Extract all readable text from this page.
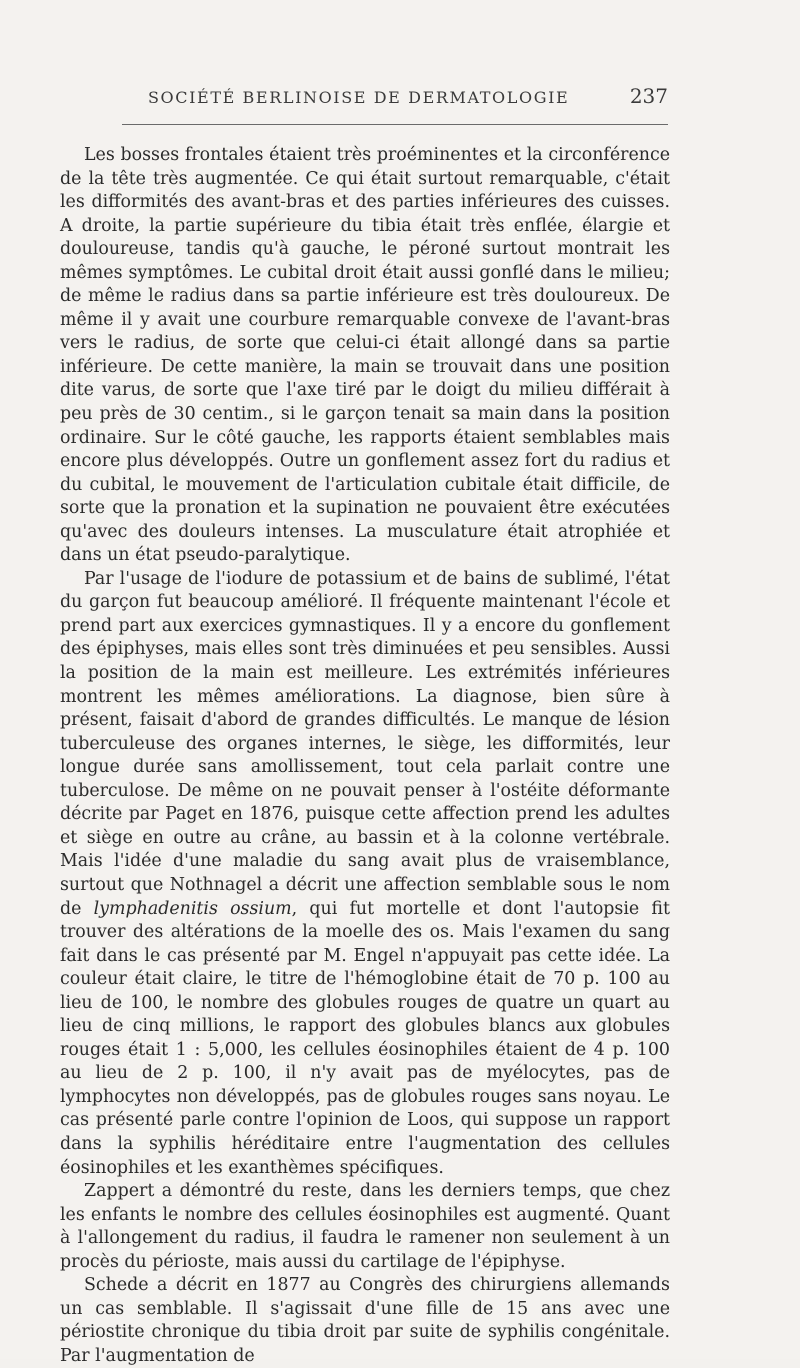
SOCIÉTÉ BERLINOISE DE DERMATOLOGIE	237

Les bosses frontales étaient très proéminentes et la circonférence de la tête très augmentée. Ce qui était surtout remarquable, c'était les difformités des avant-bras et des parties inférieures des cuisses. A droite, la partie supérieure du tibia était très enflée, élargie et douloureuse, tandis qu'à gauche, le péroné surtout montrait les mêmes symptômes. Le cubital droit était aussi gonflé dans le milieu; de même le radius dans sa partie inférieure est très douloureux. De même il y avait une courbure remarquable convexe de l'avant-bras vers le radius, de sorte que celui-ci était allongé dans sa partie inférieure. De cette manière, la main se trouvait dans une position dite varus, de sorte que l'axe tiré par le doigt du milieu différait à peu près de 30 centim., si le garçon tenait sa main dans la position ordinaire. Sur le côté gauche, les rapports étaient semblables mais encore plus développés. Outre un gonflement assez fort du radius et du cubital, le mouvement de l'articulation cubitale était difficile, de sorte que la pronation et la supination ne pouvaient être exécutées qu'avec des douleurs intenses. La musculature était atrophiée et dans un état pseudo-paralytique.

Par l'usage de l'iodure de potassium et de bains de sublimé, l'état du garçon fut beaucoup amélioré. Il fréquente maintenant l'école et prend part aux exercices gymnastiques. Il y a encore du gonflement des épiphyses, mais elles sont très diminuées et peu sensibles. Aussi la position de la main est meilleure. Les extrémités inférieures montrent les mêmes améliorations. La diagnose, bien sûre à présent, faisait d'abord de grandes difficultés. Le manque de lésion tuberculeuse des organes internes, le siège, les difformités, leur longue durée sans amollissement, tout cela parlait contre une tuberculose. De même on ne pouvait penser à l'ostéite déformante décrite par Paget en 1876, puisque cette affection prend les adultes et siège en outre au crâne, au bassin et à la colonne vertébrale. Mais l'idée d'une maladie du sang avait plus de vraisemblance, surtout que Nothnagel a décrit une affection semblable sous le nom de lymphadenitis ossium, qui fut mortelle et dont l'autopsie fit trouver des altérations de la moelle des os. Mais l'examen du sang fait dans le cas présenté par M. Engel n'appuyait pas cette idée. La couleur était claire, le titre de l'hémoglobine était de 70 p. 100 au lieu de 100, le nombre des globules rouges de quatre un quart au lieu de cinq millions, le rapport des globules blancs aux globules rouges était 1 : 5,000, les cellules éosinophiles étaient de 4 p. 100 au lieu de 2 p. 100, il n'y avait pas de myélocytes, pas de lymphocytes non développés, pas de globules rouges sans noyau. Le cas présenté parle contre l'opinion de Loos, qui suppose un rapport dans la syphilis héréditaire entre l'augmentation des cellules éosinophiles et les exanthèmes spécifiques.

Zappert a démontré du reste, dans les derniers temps, que chez les enfants le nombre des cellules éosinophiles est augmenté. Quant à l'allongement du radius, il faudra le ramener non seulement à un procès du périoste, mais aussi du cartilage de l'épiphyse.

Schede a décrit en 1877 au Congrès des chirurgiens allemands un cas semblable. Il s'agissait d'une fille de 15 ans avec une périostite chronique du tibia droit par suite de syphilis congénitale. Par l'augmentation de
